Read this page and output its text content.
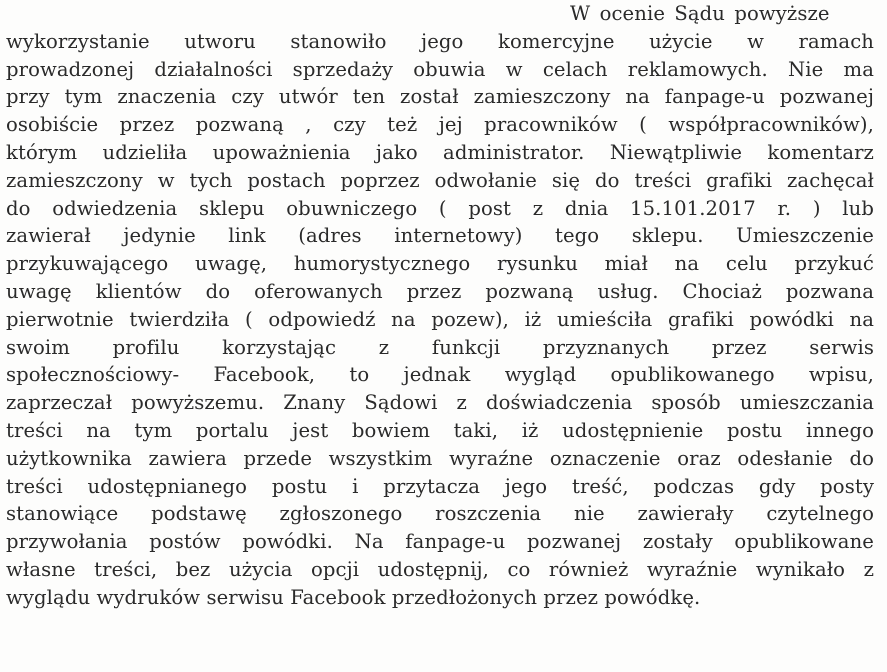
W ocenie Sądu powyższe
wykorzystanie utworu stanowiło jego komercyjne użycie w ramach
prowadzonej działalności sprzedaży obuwia w celach reklamowych. Nie ma
przy tym znaczenia czy utwór ten został zamieszczony na fanpage-u pozwanej
osobiście przez pozwaną , czy też jej pracowników ( współpracowników),
którym udzieliła upoważnienia jako administrator. Niewątpliwie komentarz
zamieszczony w tych postach poprzez odwołanie się do treści grafiki zachęcał
do odwiedzenia sklepu obuwniczego ( post z dnia 15.101.2017 r. ) lub
zawierał jedynie link (adres internetowy) tego sklepu. Umieszczenie
przykuwającego uwagę, humorystycznego rysunku miał na celu przykuć
uwagę klientów do oferowanych przez pozwaną usług. Chociaż pozwana
pierwotnie twierdziła ( odpowiedź na pozew), iż umieściła grafiki powódki na
swoim profilu korzystając z funkcji przyznanych przez serwis
społecznościowy- Facebook, to jednak wygląd opublikowanego wpisu,
zaprzeczał powyższemu. Znany Sądowi z doświadczenia sposób umieszczania
treści na tym portalu jest bowiem taki, iż udostępnienie postu innego
użytkownika zawiera przede wszystkim wyraźne oznaczenie oraz odesłanie do
treści udostępnianego postu i przytacza jego treść, podczas gdy posty
stanowiące podstawę zgłoszonego roszczenia nie zawierały czytelnego
przywołania postów powódki. Na fanpage-u pozwanej zostały opublikowane
własne treści, bez użycia opcji udostępnij, co również wyraźnie wynikało z
wyglądu wydruków serwisu Facebook przedłożonych przez powódkę.
